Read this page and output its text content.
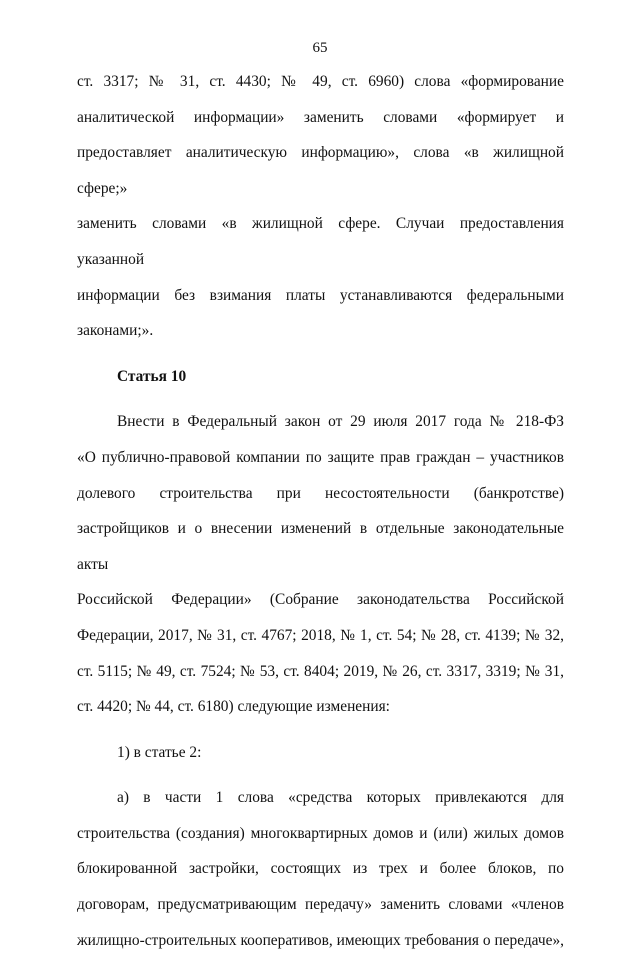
65

ст. 3317; № 31, ст. 4430; № 49, ст. 6960) слова «формирование

аналитической информации» заменить словами «формирует и

предоставляет аналитическую информацию», слова «в жилищной сфере;»

заменить словами «в жилищной сфере. Случаи предоставления указанной

информации без взимания платы устанавливаются федеральными

законами;».

Статья 10

Внести в Федеральный закон от 29 июля 2017 года № 218-ФЗ

«О публично-правовой компании по защите прав граждан – участников

долевого строительства при несостоятельности (банкротстве)

застройщиков и о внесении изменений в отдельные законодательные акты

Российской Федерации» (Собрание законодательства Российской

Федерации, 2017, № 31, ст. 4767; 2018, № 1, ст. 54; № 28, ст. 4139; № 32,

ст. 5115; № 49, ст. 7524; № 53, ст. 8404; 2019, № 26, ст. 3317, 3319; № 31,

ст. 4420; № 44, ст. 6180) следующие изменения:

1) в статье 2:

а) в части 1 слова «средства которых привлекаются для

строительства (создания) многоквартирных домов и (или) жилых домов

блокированной застройки, состоящих из трех и более блоков, по

договорам, предусматривающим передачу» заменить словами «членов

жилищно-строительных кооперативов, имеющих требования о передаче»,
